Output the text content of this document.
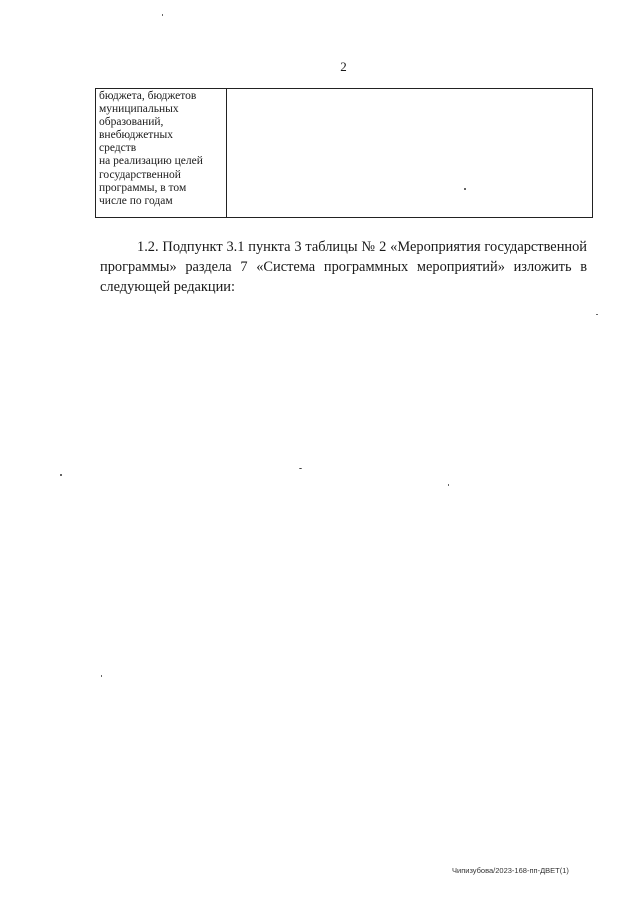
2
бюджета, бюджетов
муниципальных
образований,
внебюджетных
средств
на реализацию целей
государственной
программы, в том
числе по годам
1.2. Подпункт 3.1 пункта 3 таблицы № 2 «Мероприятия государственной программы» раздела 7 «Система программных мероприятий» изложить в следующей редакции:
Чипизубова/2023-168-пп-ДВЕТ(1)
